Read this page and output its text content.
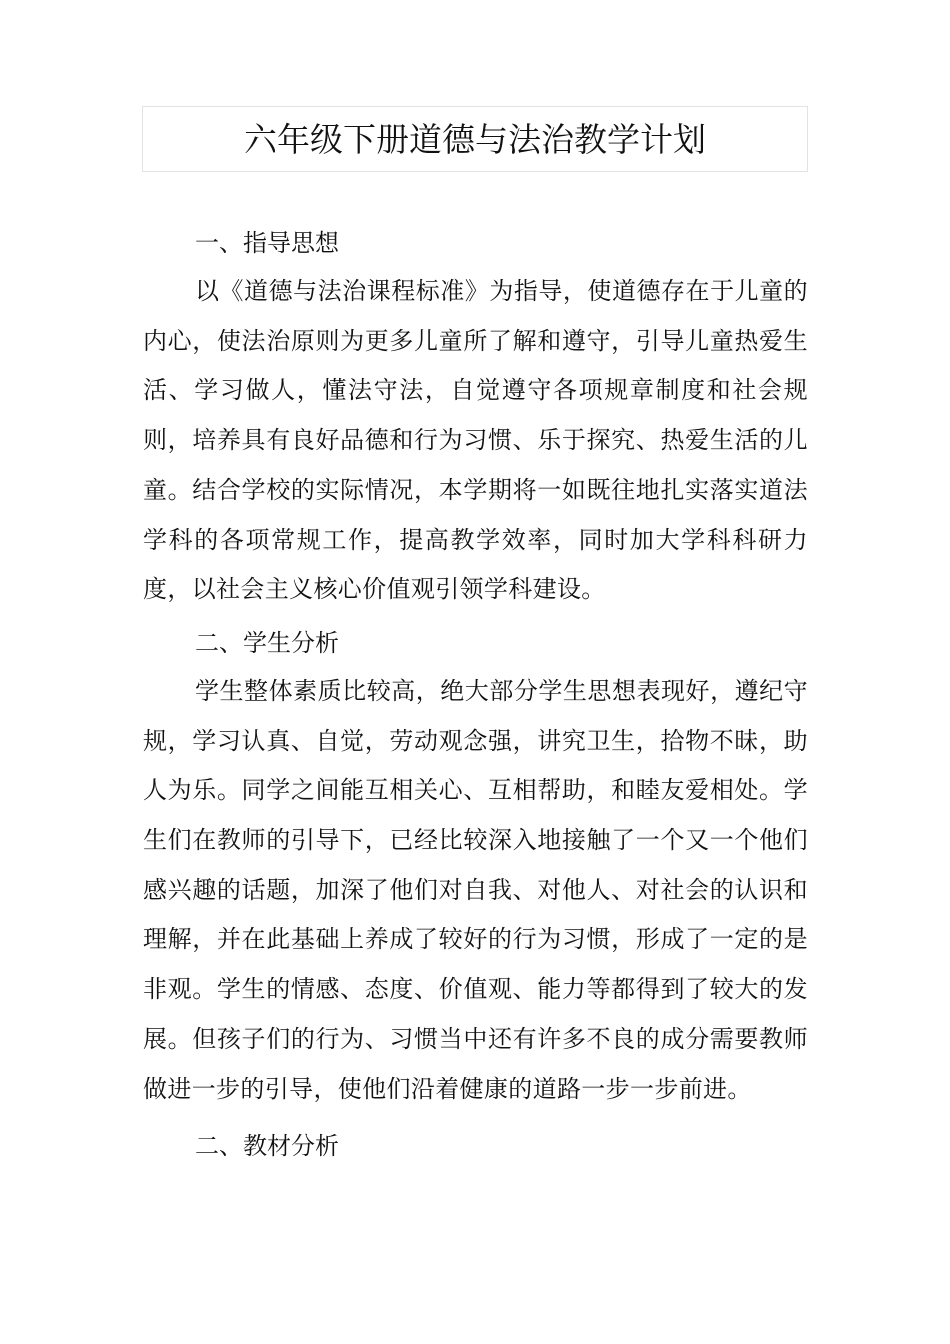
六年级下册道德与法治教学计划
一、指导思想

以《道德与法治课程标准》为指导，使道德存在于儿童的内心，使法治原则为更多儿童所了解和遵守，引导儿童热爱生活、学习做人，懂法守法，自觉遵守各项规章制度和社会规则，培养具有良好品德和行为习惯、乐于探究、热爱生活的儿童。结合学校的实际情况，本学期将一如既往地扎实落实道法学科的各项常规工作，提高教学效率，同时加大学科科研力度，以社会主义核心价值观引领学科建设。

二、学生分析

学生整体素质比较高，绝大部分学生思想表现好，遵纪守规，学习认真、自觉，劳动观念强，讲究卫生，拾物不昧，助人为乐。同学之间能互相关心、互相帮助，和睦友爱相处。学生们在教师的引导下，已经比较深入地接触了一个又一个他们感兴趣的话题，加深了他们对自我、对他人、对社会的认识和理解，并在此基础上养成了较好的行为习惯，形成了一定的是非观。学生的情感、态度、价值观、能力等都得到了较大的发展。但孩子们的行为、习惯当中还有许多不良的成分需要教师做进一步的引导，使他们沿着健康的道路一步一步前进。

二、教材分析
